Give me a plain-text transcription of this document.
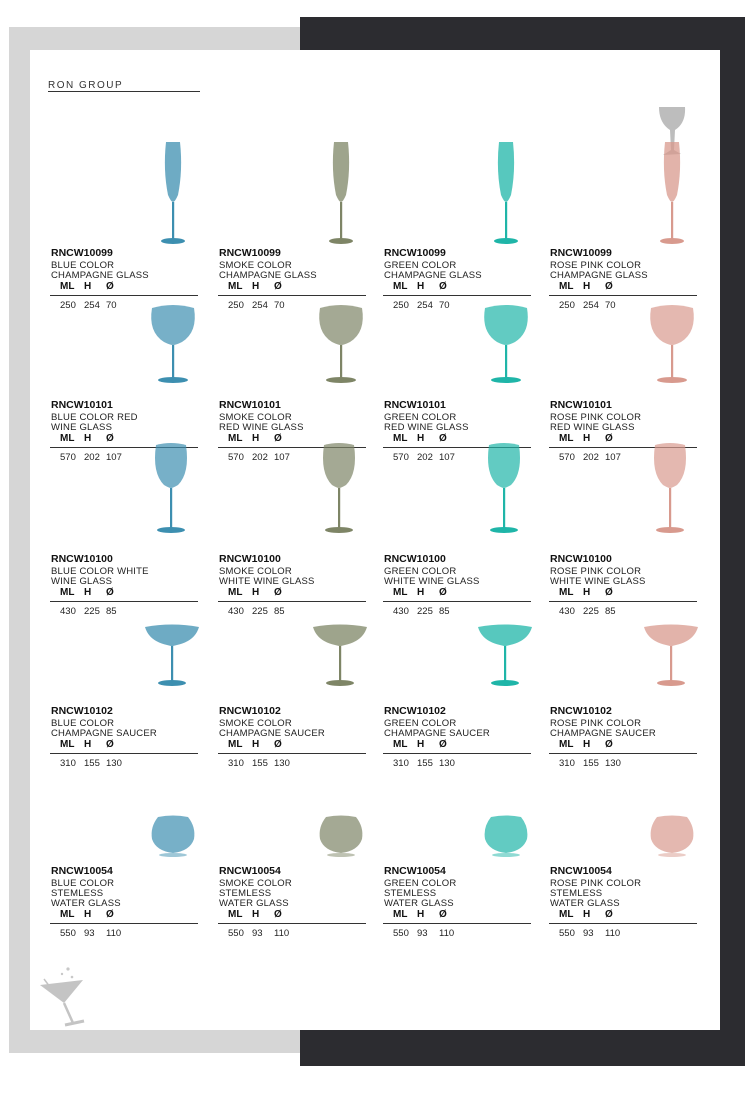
RON GROUP
RNCW10099
BLUE COLOR
CHAMPAGNE GLASS
ML H Ø
250 254 70
RNCW10099
SMOKE COLOR
CHAMPAGNE GLASS
ML H Ø
250 254 70
RNCW10099
GREEN COLOR
CHAMPAGNE GLASS
ML H Ø
250 254 70
RNCW10099
ROSE PINK COLOR
CHAMPAGNE GLASS
ML H Ø
250 254 70
RNCW10101
BLUE COLOR RED
WINE GLASS
ML H Ø
570 202 107
RNCW10101
SMOKE COLOR
RED WINE GLASS
ML H Ø
570 202 107
RNCW10101
GREEN COLOR
RED WINE GLASS
ML H Ø
570 202 107
RNCW10101
ROSE PINK COLOR
RED WINE GLASS
ML H Ø
570 202 107
RNCW10100
BLUE COLOR WHITE
WINE GLASS
ML H Ø
430 225 85
RNCW10100
SMOKE COLOR
WHITE WINE GLASS
ML H Ø
430 225 85
RNCW10100
GREEN COLOR
WHITE WINE GLASS
ML H Ø
430 225 85
RNCW10100
ROSE PINK COLOR
WHITE WINE GLASS
ML H Ø
430 225 85
RNCW10102
BLUE COLOR
CHAMPAGNE SAUCER
ML H Ø
310 155 130
RNCW10102
SMOKE COLOR
CHAMPAGNE SAUCER
ML H Ø
310 155 130
RNCW10102
GREEN COLOR
CHAMPAGNE SAUCER
ML H Ø
310 155 130
RNCW10102
ROSE PINK COLOR
CHAMPAGNE SAUCER
ML H Ø
310 155 130
RNCW10054
BLUE COLOR
STEMLESS
WATER GLASS
ML H Ø
550 93 110
RNCW10054
SMOKE COLOR
STEMLESS
WATER GLASS
ML H Ø
550 93 110
RNCW10054
GREEN COLOR
STEMLESS
WATER GLASS
ML H Ø
550 93 110
RNCW10054
ROSE PINK COLOR
STEMLESS
WATER GLASS
ML H Ø
550 93 110
